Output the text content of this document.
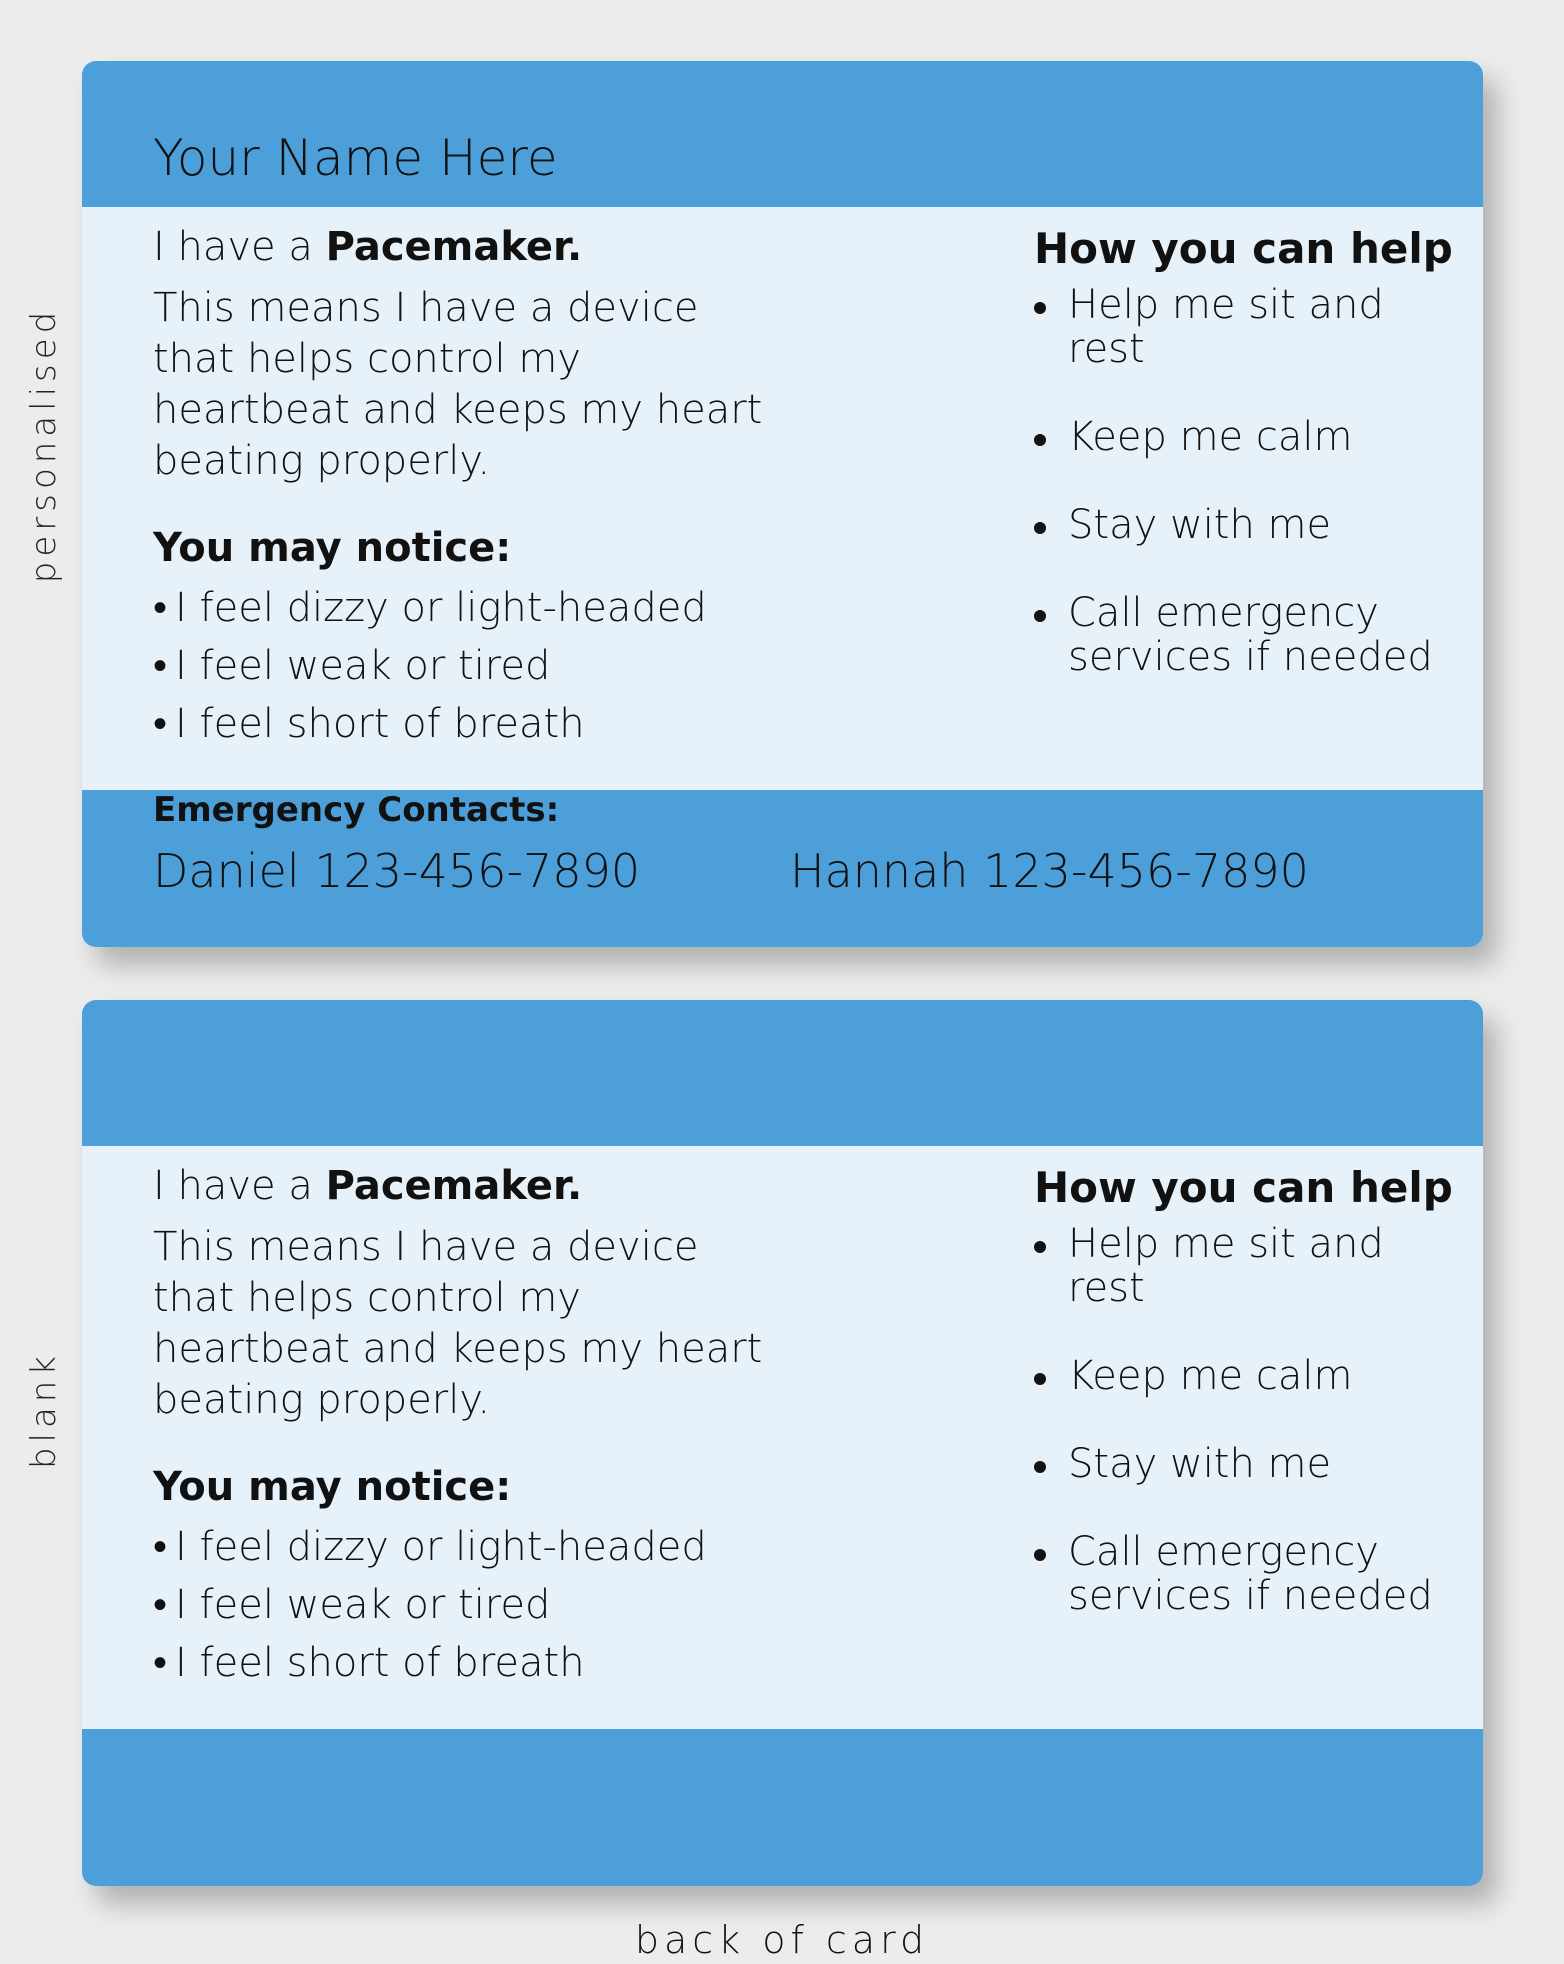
personalised
blank
Your Name Here

I have a Pacemaker.

This means I have a device that helps control my heartbeat and keeps my heart beating properly.

You may notice:
• I feel dizzy or light-headed
• I feel weak or tired
• I feel short of breath
How you can help
Help me sit and rest
Keep me calm
Stay with me
Call emergency services if needed
Emergency Contacts:
Daniel 123-456-7890	Hannah 123-456-7890

I have a Pacemaker.

This means I have a device that helps control my heartbeat and keeps my heart beating properly.

You may notice:
• I feel dizzy or light-headed
• I feel weak or tired
• I feel short of breath
How you can help
Help me sit and rest
Keep me calm
Stay with me
Call emergency services if needed
back of card
